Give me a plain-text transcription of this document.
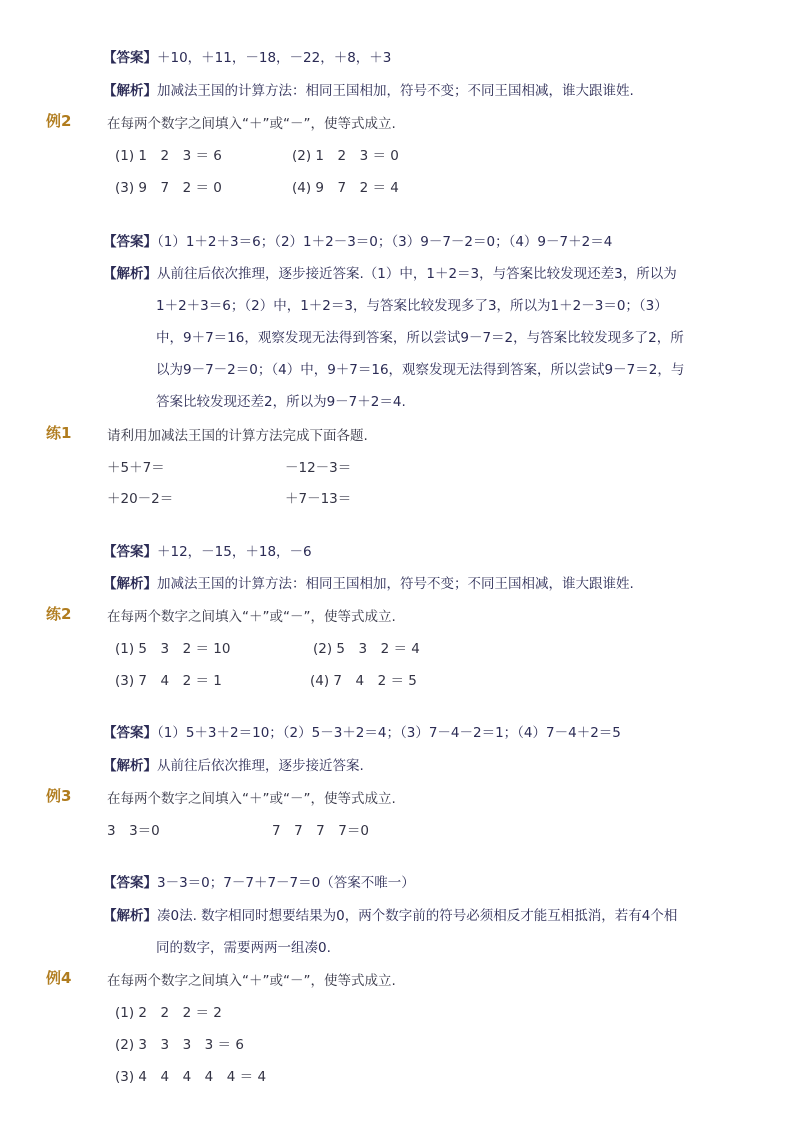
【答案】＋10，＋11，－18，－22，＋8，＋3
【解析】加减法王国的计算方法：相同王国相加，符号不变；不同王国相减，谁大跟谁姓.
例2	在每两个数字之间填入“＋”或“－”，使等式成立.
(1) 1　2　3 ＝ 6	(2) 1　2　3 ＝ 0
(3) 9　7　2 ＝ 0	(4) 9　7　2 ＝ 4
【答案】（1）1＋2＋3＝6；（2）1＋2－3＝0；（3）9－7－2＝0；（4）9－7＋2＝4
【解析】从前往后依次推理，逐步接近答案.（1）中，1＋2＝3，与答案比较发现还差3，所以为
1＋2＋3＝6；（2）中，1＋2＝3，与答案比较发现多了3，所以为1＋2－3＝0；（3）
中，9＋7＝16，观察发现无法得到答案，所以尝试9－7＝2，与答案比较发现多了2，所
以为9－7－2＝0；（4）中，9＋7＝16，观察发现无法得到答案，所以尝试9－7＝2，与
答案比较发现还差2，所以为9－7＋2＝4.
练1	请利用加减法王国的计算方法完成下面各题.
＋5＋7＝	－12－3＝
＋20－2＝	＋7－13＝
【答案】＋12，－15，＋18，－6
【解析】加减法王国的计算方法：相同王国相加，符号不变；不同王国相减，谁大跟谁姓.
练2	在每两个数字之间填入“＋”或“－”，使等式成立.
(1) 5　3　2 ＝ 10	(2) 5　3　2 ＝ 4
(3) 7　4　2 ＝ 1	(4) 7　4　2 ＝ 5
【答案】（1）5＋3＋2＝10；（2）5－3＋2＝4；（3）7－4－2＝1；（4）7－4＋2＝5
【解析】从前往后依次推理，逐步接近答案.
例3	在每两个数字之间填入“＋”或“－”，使等式成立.
3　3＝0	7　7　7　7＝0
【答案】3－3＝0；7－7＋7－7＝0（答案不唯一）
【解析】凑0法. 数字相同时想要结果为0，两个数字前的符号必须相反才能互相抵消，若有4个相
同的数字，需要两两一组凑0.
例4	在每两个数字之间填入“＋”或“－”，使等式成立.
(1) 2　2　2 ＝ 2
(2) 3　3　3　3 ＝ 6
(3) 4　4　4　4　4 ＝ 4
